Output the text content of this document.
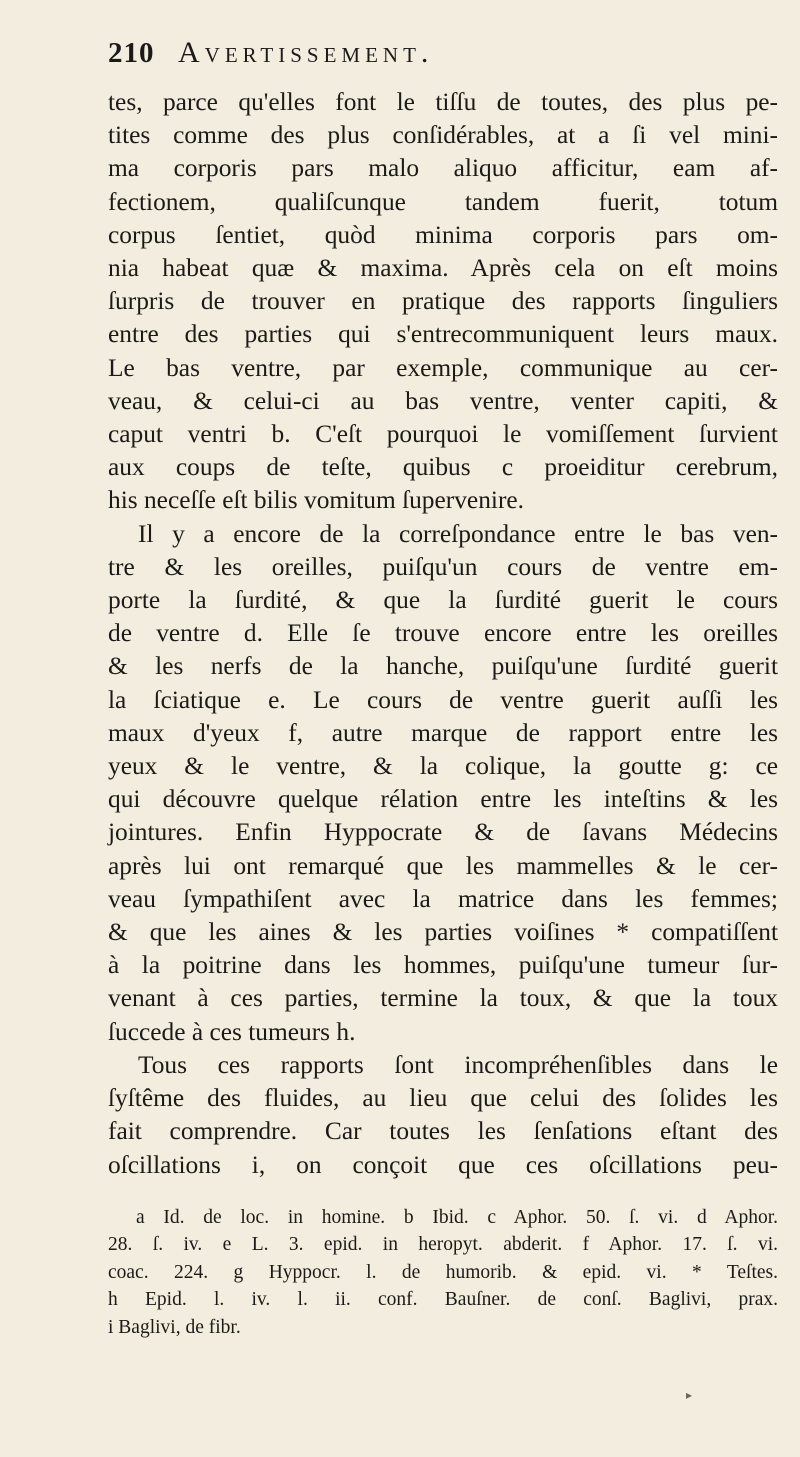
210 Avertissement.
tes, parce qu'elles font le tiſſu de toutes, des plus pe-
tites comme des plus conſidérables, at a ſi vel mini-
ma corporis pars malo aliquo afficitur, eam af-
fectionem, qualiſcunque tandem fuerit, totum
corpus ſentiet, quòd minima corporis pars om-
nia habeat quæ & maxima. Après cela on eſt moins
ſurpris de trouver en pratique des rapports ſinguliers
entre des parties qui s'entrecommuniquent leurs maux.
Le bas ventre, par exemple, communique au cer-
veau, & celui-ci au bas ventre, venter capiti, &
caput ventri b. C'eſt pourquoi le vomiſſement ſurvient
aux coups de teſte, quibus c proeiditur cerebrum,
his neceſſe eſt bilis vomitum ſupervenire.
Il y a encore de la correſpondance entre le bas ven-
tre & les oreilles, puiſqu'un cours de ventre em-
porte la ſurdité, & que la ſurdité guerit le cours
de ventre d. Elle ſe trouve encore entre les oreilles
& les nerfs de la hanche, puiſqu'une ſurdité guerit
la ſciatique e. Le cours de ventre guerit auſſi les
maux d'yeux f, autre marque de rapport entre les
yeux & le ventre, & la colique, la goutte g: ce
qui découvre quelque rélation entre les inteſtins & les
jointures. Enfin Hyppocrate & de ſavans Médecins
après lui ont remarqué que les mammelles & le cer-
veau ſympathiſent avec la matrice dans les femmes;
& que les aines & les parties voiſines * compatiſſent
à la poitrine dans les hommes, puiſqu'une tumeur ſur-
venant à ces parties, termine la toux, & que la toux
ſuccede à ces tumeurs h.
Tous ces rapports ſont incompréhenſibles dans le
ſyſtême des fluides, au lieu que celui des ſolides les
fait comprendre. Car toutes les ſenſations eſtant des
oſcillations i, on conçoit que ces oſcillations peu-
a Id. de loc. in homine. b Ibid. c Aphor. 50. ſ. vi. d Aphor.
28. ſ. iv. e L. 3. epid. in heropyt. abderit. f Aphor. 17. ſ. vi.
coac. 224. g Hyppocr. l. de humorib. & epid. vi. * Teſtes.
h Epid. l. iv. l. ii. conf. Bauſner. de conſ. Baglivi, prax.
i Baglivi, de fibr.
▸
